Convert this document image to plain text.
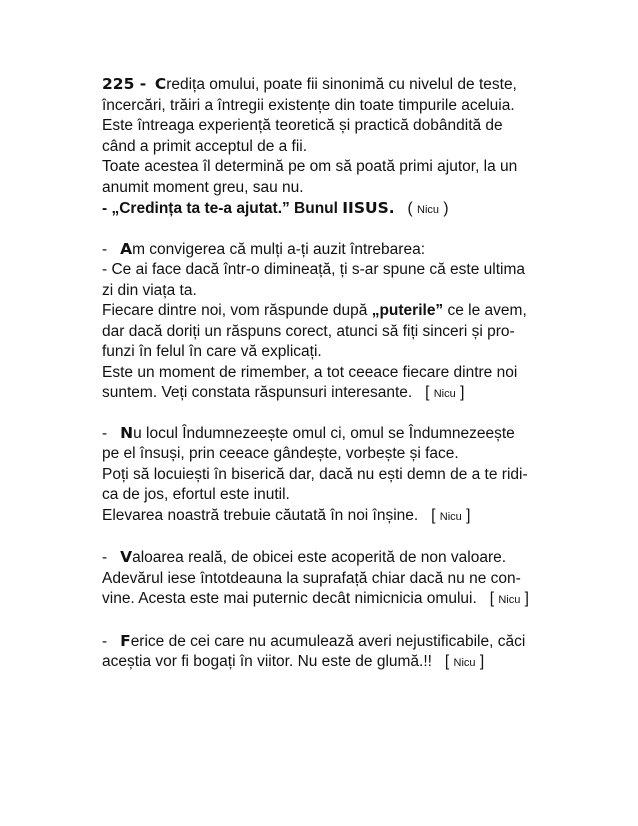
225 - Credița omului, poate fii sinonimă cu nivelul de teste,
încercări, trăiri a întregii existențe din toate timpurile aceluia.
Este întreaga experiență teoretică și practică dobândită de
când a primit acceptul de a fii.
Toate acestea îl determină pe om să poată primi ajutor, la un
anumit moment greu, sau nu.
- „Credința ta te-a ajutat.” Bunul IISUS. ( Nicu )
- Am convigerea că mulți a-ți auzit întrebarea:
- Ce ai face dacă într-o dimineață, ți s-ar spune că este ultima
zi din viața ta.
Fiecare dintre noi, vom răspunde după „puterile” ce le avem,
dar dacă doriți un răspuns corect, atunci să fiți sinceri și pro-
funzi în felul în care vă explicați.
Este un moment de rimember, a tot ceeace fiecare dintre noi
suntem. Veți constata răspunsuri interesante. [ Nicu ]
- Nu locul Îndumnezeește omul ci, omul se Îndumnezeește
pe el însuși, prin ceeace gândește, vorbește și face.
Poți să locuiești în biserică dar, dacă nu ești demn de a te ridi-
ca de jos, efortul este inutil.
Elevarea noastră trebuie căutată în noi înșine. [ Nicu ]
- Valoarea reală, de obicei este acoperită de non valoare.
Adevărul iese întotdeauna la suprafață chiar dacă nu ne con-
vine. Acesta este mai puternic decât nimicnicia omului. [ Nicu ]
- Ferice de cei care nu acumulează averi nejustificabile, căci
aceștia vor fi bogați în viitor. Nu este de glumă.!! [ Nicu ]
